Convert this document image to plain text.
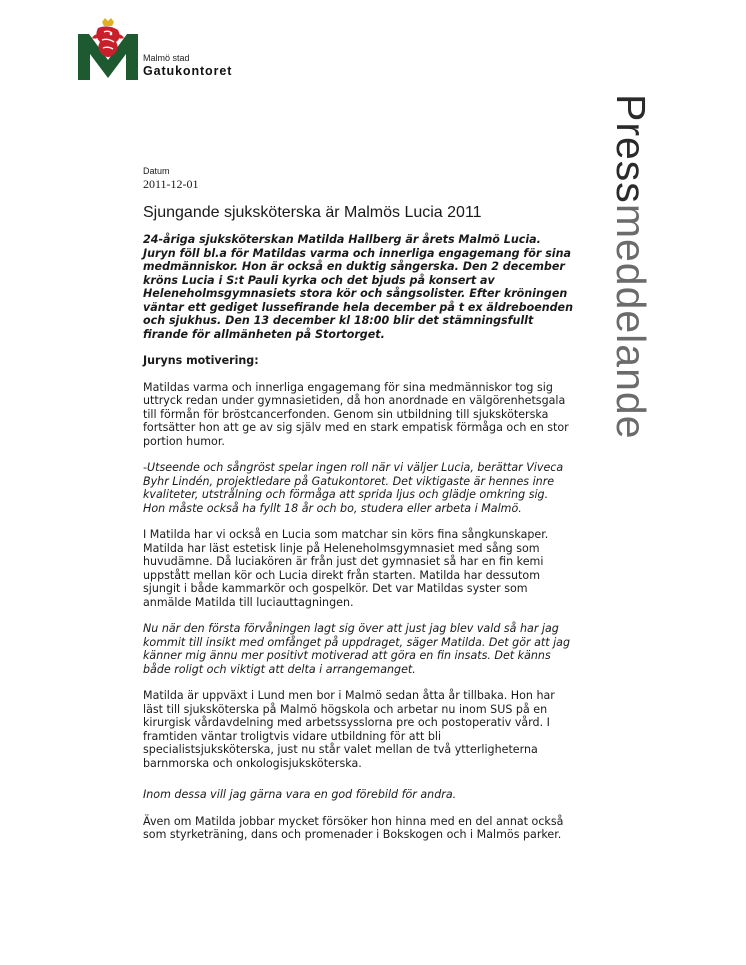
Malmö stad
Gatukontoret
Pressmeddelande
Datum
2011-12-01
Sjungande sjuksköterska är Malmös Lucia 2011

24-åriga sjuksköterskan Matilda Hallberg är årets Malmö Lucia. Juryn föll bl.a för Matildas varma och innerliga engagemang för sina medmänniskor. Hon är också en duktig sångerska. Den 2 december kröns Lucia i S:t Pauli kyrka och det bjuds på konsert av Heleneholmsgymnasiets stora kör och sångsolister. Efter kröningen väntar ett gediget lussefirande hela december på t ex äldreboenden och sjukhus. Den 13 december kl 18:00 blir det stämningsfullt firande för allmänheten på Stortorget.

Juryns motivering:

Matildas varma och innerliga engagemang för sina medmänniskor tog sig uttryck redan under gymnasietiden, då hon anordnade en välgörenhetsgala till förmån för bröstcancerfonden. Genom sin utbildning till sjuksköterska fortsätter hon att ge av sig själv med en stark empatisk förmåga och en stor portion humor.

-Utseende och sångröst spelar ingen roll när vi väljer Lucia, berättar Viveca Byhr Lindén, projektledare på Gatukontoret. Det viktigaste är hennes inre kvaliteter, utstrålning och förmåga att sprida ljus och glädje omkring sig. Hon måste också ha fyllt 18 år och bo, studera eller arbeta i Malmö.

I Matilda har vi också en Lucia som matchar sin körs fina sångkunskaper. Matilda har läst estetisk linje på Heleneholmsgymnasiet med sång som huvudämne. Då luciakören är från just det gymnasiet så har en fin kemi uppstått mellan kör och Lucia direkt från starten. Matilda har dessutom sjungit i både kammarkör och gospelkör. Det var Matildas syster som anmälde Matilda till luciauttagningen.

Nu när den första förvåningen lagt sig över att just jag blev vald så har jag kommit till insikt med omfånget på uppdraget, säger Matilda. Det gör att jag känner mig ännu mer positivt motiverad att göra en fin insats. Det känns både roligt och viktigt att delta i arrangemanget.

Matilda är uppväxt i Lund men bor i Malmö sedan åtta år tillbaka. Hon har läst till sjuksköterska på Malmö högskola och arbetar nu inom SUS på en kirurgisk vårdavdelning med arbetssysslorna pre och postoperativ vård. I framtiden väntar troligtvis vidare utbildning för att bli specialistsjuksköterska, just nu står valet mellan de två ytterligheterna barnmorska och onkologisjuksköterska.

Inom dessa vill jag gärna vara en god förebild för andra.

Även om Matilda jobbar mycket försöker hon hinna med en del annat också som styrketräning, dans och promenader i Bokskogen och i Malmös parker.
